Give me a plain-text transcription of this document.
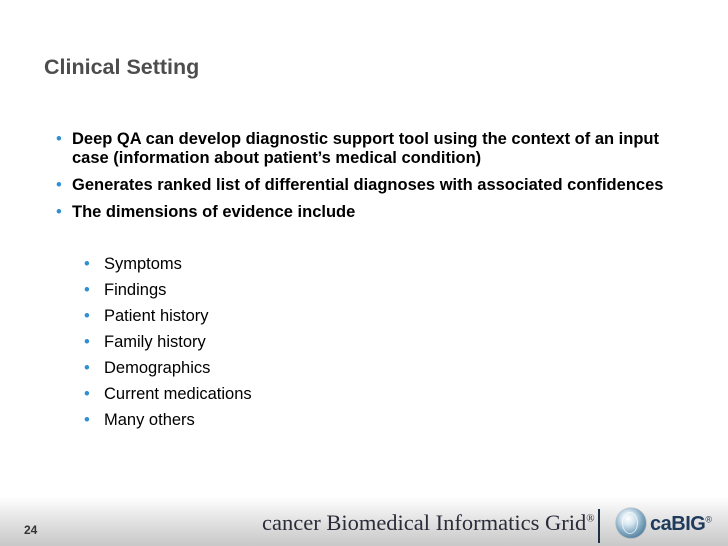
Clinical Setting
• Deep QA can develop diagnostic support tool using the context of an input case (information about patient’s medical condition)
• Generates ranked list of differential diagnoses with associated confidences
• The dimensions of evidence include
• Symptoms
• Findings
• Patient history
• Family history
• Demographics
• Current medications
• Many others
24	cancer Biomedical Informatics Grid®	caBIG®
